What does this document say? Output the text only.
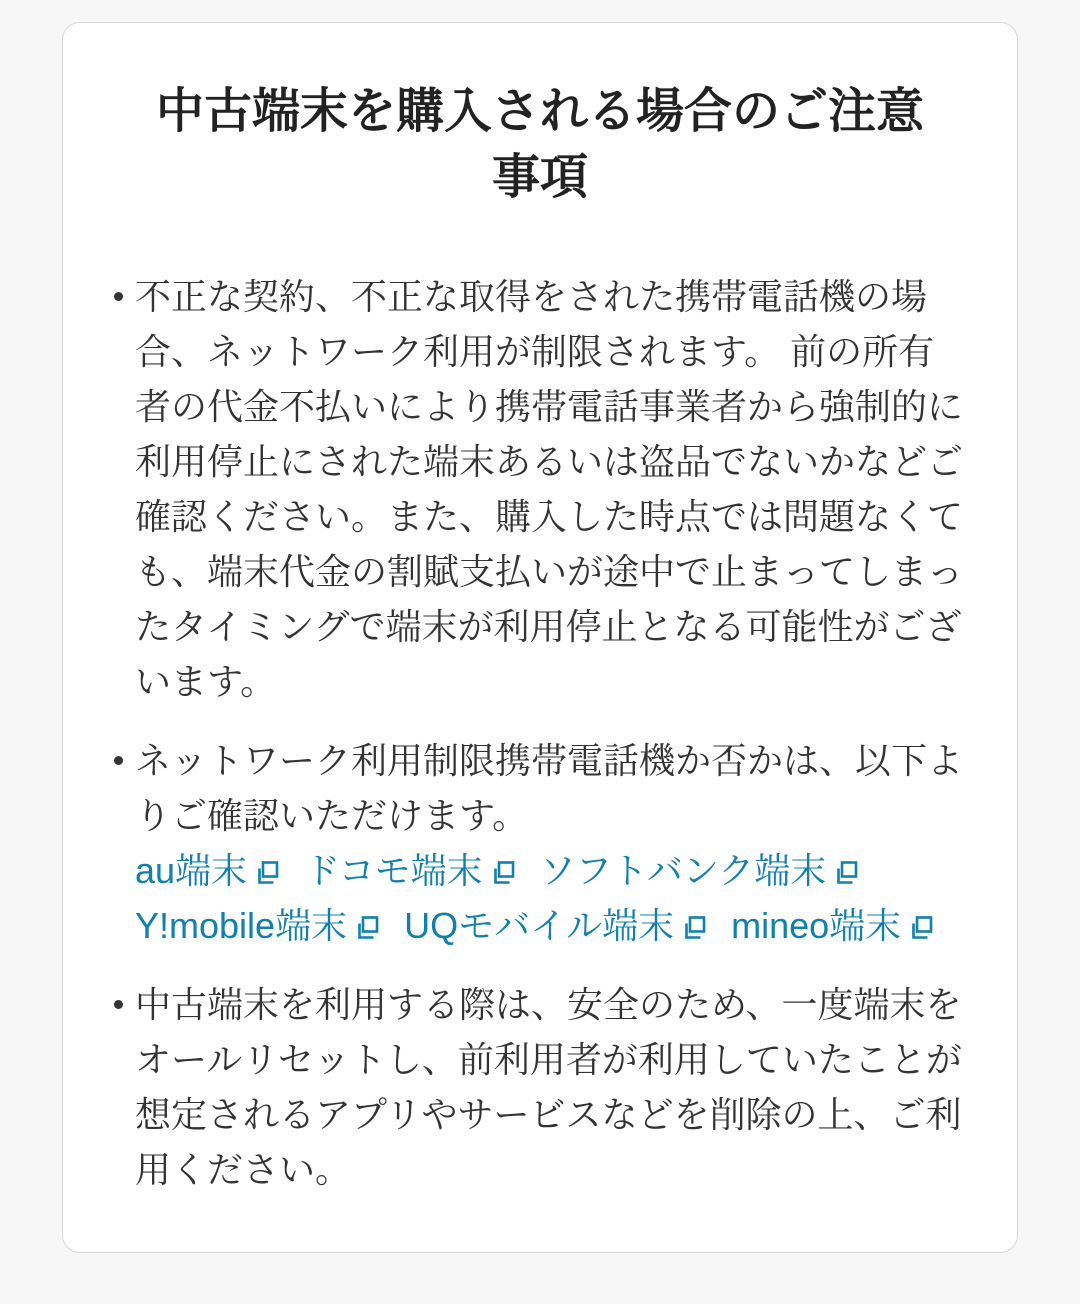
中古端末を購入される場合のご注意事項
不正な契約、不正な取得をされた携帯電話機の場合、ネットワーク利用が制限されます。 前の所有者の代金不払いにより携帯電話事業者から強制的に利用停止にされた端末あるいは盗品でないかなどご確認ください。また、購入した時点では問題なくても、端末代金の割賦支払いが途中で止まってしまったタイミングで端末が利用停止となる可能性がございます。
ネットワーク利用制限携帯電話機か否かは、以下よりご確認いただけます。
au端末 ドコモ端末 ソフトバンク端末 Y!mobile端末 UQモバイル端末 mineo端末
中古端末を利用する際は、安全のため、一度端末をオールリセットし、前利用者が利用していたことが想定されるアプリやサービスなどを削除の上、ご利用ください。
